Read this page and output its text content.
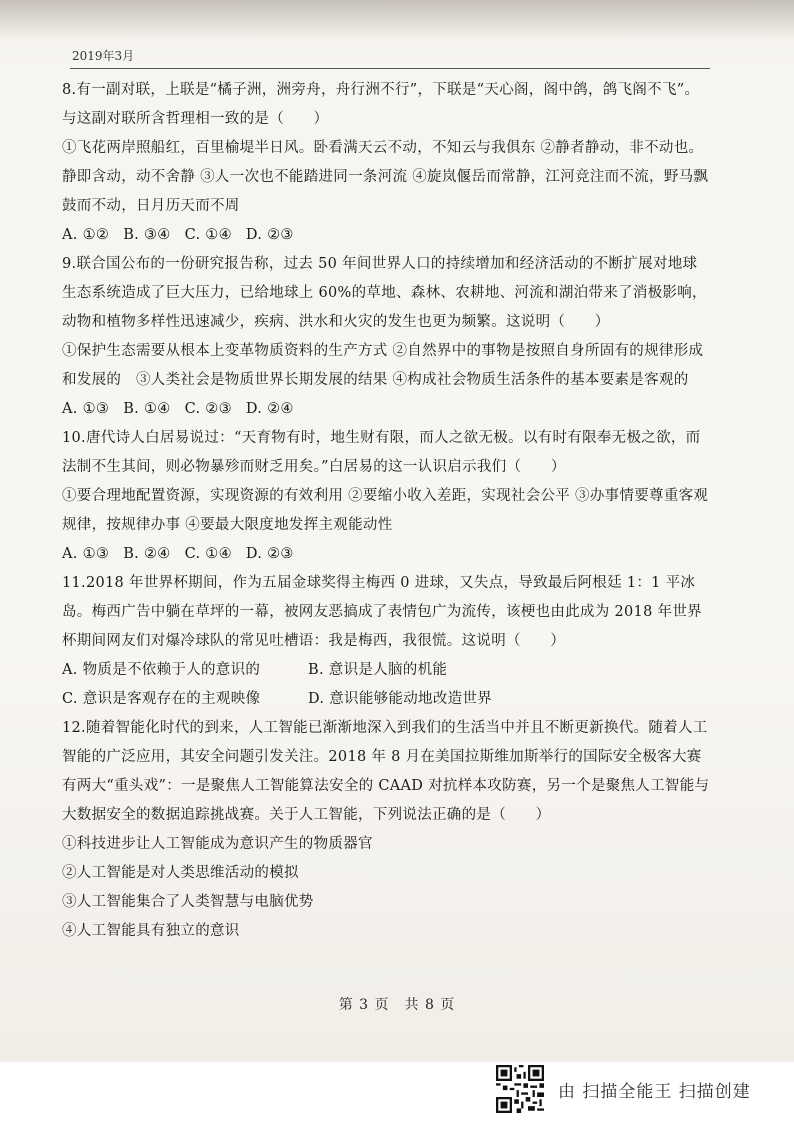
2019年3月

8.有一副对联，上联是“橘子洲，洲旁舟，舟行洲不行”，下联是“天心阁，阁中鸽，鸽飞阁不飞”。与这副对联所含哲理相一致的是（　　）

①飞花两岸照船红，百里榆堤半日风。卧看满天云不动，不知云与我俱东 ②静者静动，非不动也。静即含动，动不舍静 ③人一次也不能踏进同一条河流 ④旋岚偃岳而常静，江河竞注而不流，野马飘鼓而不动，日月历天而不周

A. ①② B. ③④ C. ①④ D. ②③

9.联合国公布的一份研究报告称，过去 50 年间世界人口的持续增加和经济活动的不断扩展对地球生态系统造成了巨大压力，已给地球上 60%的草地、森林、农耕地、河流和湖泊带来了消极影响，动物和植物多样性迅速减少，疾病、洪水和火灾的发生也更为频繁。这说明（　　）

①保护生态需要从根本上变革物质资料的生产方式 ②自然界中的事物是按照自身所固有的规律形成和发展的　③人类社会是物质世界长期发展的结果 ④构成社会物质生活条件的基本要素是客观的

A. ①③ B. ①④ C. ②③ D. ②④

10.唐代诗人白居易说过：“天育物有时，地生财有限，而人之欲无极。以有时有限奉无极之欲，而法制不生其间，则必物暴殄而财乏用矣。”白居易的这一认识启示我们（　　）

①要合理地配置资源，实现资源的有效利用 ②要缩小收入差距，实现社会公平 ③办事情要尊重客观规律，按规律办事 ④要最大限度地发挥主观能动性

A. ①③ B. ②④ C. ①④ D. ②③

11.2018 年世界杯期间，作为五届金球奖得主梅西 0 进球，又失点，导致最后阿根廷 1：1 平冰岛。梅西广告中躺在草坪的一幕，被网友恶搞成了表情包广为流传，该梗也由此成为 2018 年世界杯期间网友们对爆冷球队的常见吐槽语：我是梅西，我很慌。这说明（　　）

A. 物质是不依赖于人的意识的	B. 意识是人脑的机能

C. 意识是客观存在的主观映像	D. 意识能够能动地改造世界

12.随着智能化时代的到来，人工智能已渐渐地深入到我们的生活当中并且不断更新换代。随着人工智能的广泛应用，其安全问题引发关注。2018 年 8 月在美国拉斯维加斯举行的国际安全极客大赛有两大“重头戏”：一是聚焦人工智能算法安全的 CAAD 对抗样本攻防赛，另一个是聚焦人工智能与大数据安全的数据追踪挑战赛。关于人工智能，下列说法正确的是（　　）

①科技进步让人工智能成为意识产生的物质器官

②人工智能是对人类思维活动的模拟

③人工智能集合了人类智慧与电脑优势

④人工智能具有独立的意识

第 3 页　共 8 页
由 扫描全能王 扫描创建
